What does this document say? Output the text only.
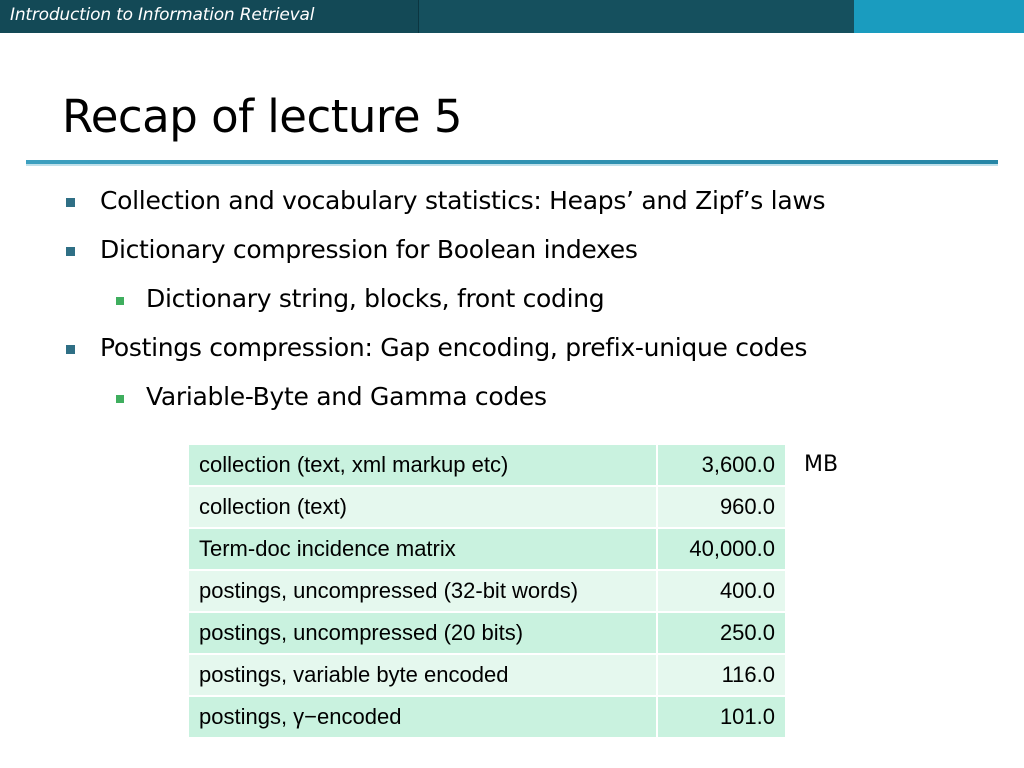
Introduction to Information Retrieval
Recap of lecture 5
Collection and vocabulary statistics: Heaps’ and Zipf’s laws
Dictionary compression for Boolean indexes
Dictionary string, blocks, front coding
Postings compression: Gap encoding, prefix-unique codes
Variable-Byte and Gamma codes
collection (text, xml markup etc)	3,600.0
collection (text)	960.0
Term-doc incidence matrix	40,000.0
postings, uncompressed (32-bit words)	400.0
postings, uncompressed (20 bits)	250.0
postings, variable byte encoded	116.0
postings, γ−encoded	101.0
MB
